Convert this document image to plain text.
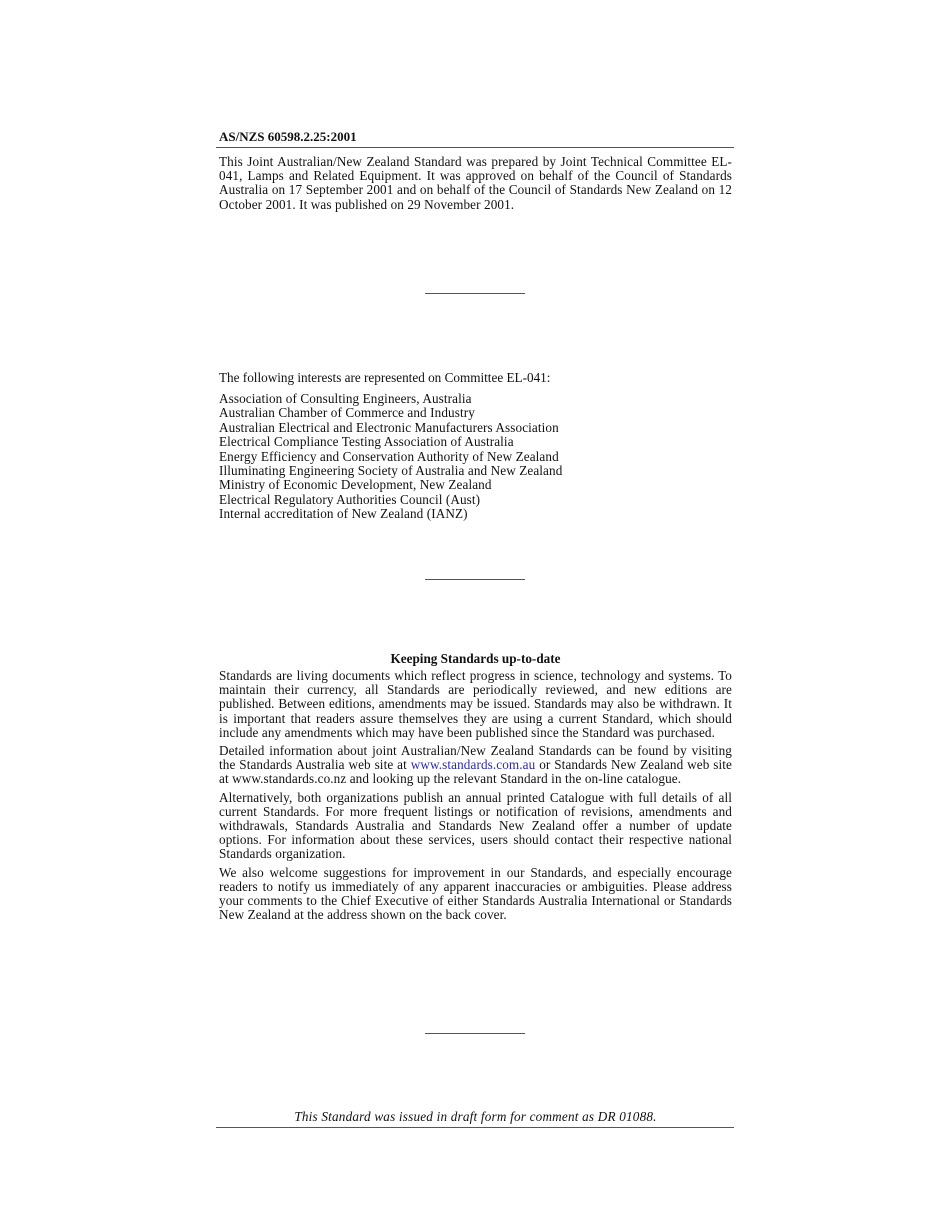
AS/NZS 60598.2.25:2001

This Joint Australian/New Zealand Standard was prepared by Joint Technical Committee EL-041, Lamps and Related Equipment. It was approved on behalf of the Council of Standards Australia on 17 September 2001 and on behalf of the Council of Standards New Zealand on 12 October 2001. It was published on 29 November 2001.

The following interests are represented on Committee EL-041:
Association of Consulting Engineers, Australia
Australian Chamber of Commerce and Industry
Australian Electrical and Electronic Manufacturers Association
Electrical Compliance Testing Association of Australia
Energy Efficiency and Conservation Authority of New Zealand
Illuminating Engineering Society of Australia and New Zealand
Ministry of Economic Development, New Zealand
Electrical Regulatory Authorities Council (Aust)
Internal accreditation of New Zealand (IANZ)
Keeping Standards up-to-date

Standards are living documents which reflect progress in science, technology and systems. To maintain their currency, all Standards are periodically reviewed, and new editions are published. Between editions, amendments may be issued. Standards may also be withdrawn. It is important that readers assure themselves they are using a current Standard, which should include any amendments which may have been published since the Standard was purchased.

Detailed information about joint Australian/New Zealand Standards can be found by visiting the Standards Australia web site at www.standards.com.au or Standards New Zealand web site at www.standards.co.nz and looking up the relevant Standard in the on-line catalogue.

Alternatively, both organizations publish an annual printed Catalogue with full details of all current Standards. For more frequent listings or notification of revisions, amendments and withdrawals, Standards Australia and Standards New Zealand offer a number of update options. For information about these services, users should contact their respective national Standards organization.

We also welcome suggestions for improvement in our Standards, and especially encourage readers to notify us immediately of any apparent inaccuracies or ambiguities. Please address your comments to the Chief Executive of either Standards Australia International or Standards New Zealand at the address shown on the back cover.

This Standard was issued in draft form for comment as DR 01088.
